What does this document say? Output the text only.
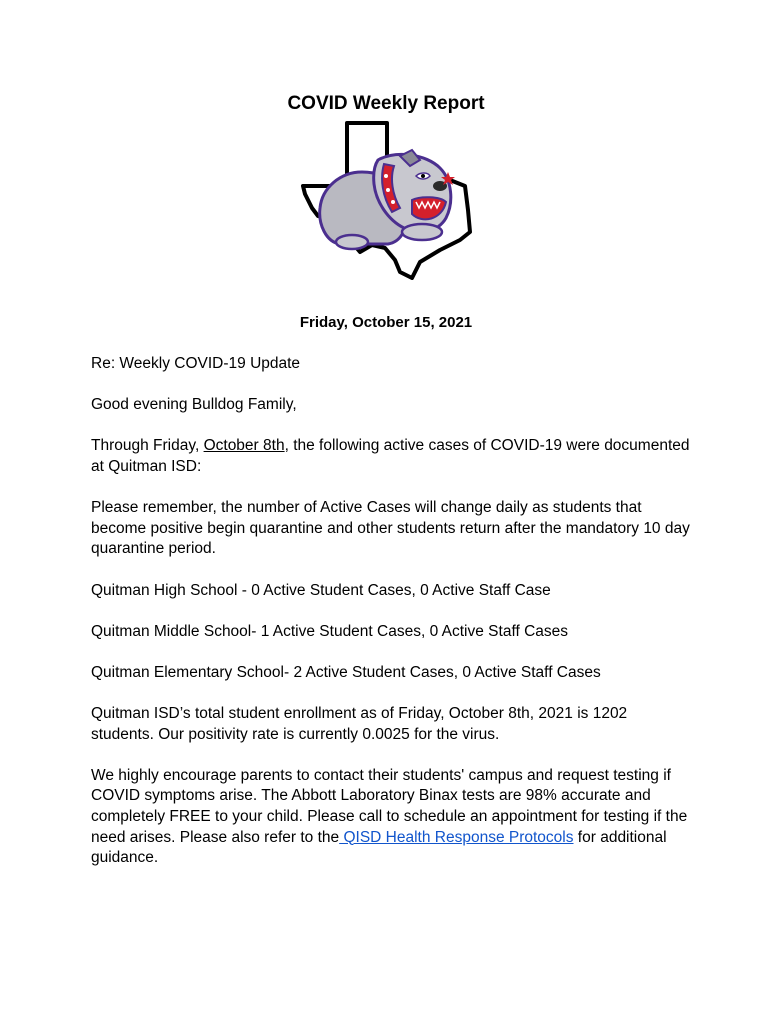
COVID Weekly Report

Friday, October 15, 2021

Re: Weekly COVID-19 Update

Good evening Bulldog Family,

Through Friday, October 8th, the following active cases of COVID-19 were documented at Quitman ISD:

Please remember, the number of Active Cases will change daily as students that become positive begin quarantine and other students return after the mandatory 10 day quarantine period.

Quitman High School - 0 Active Student Cases, 0 Active Staff Case

Quitman Middle School- 1 Active Student Cases, 0 Active Staff Cases

Quitman Elementary School- 2 Active Student Cases, 0 Active Staff Cases

Quitman ISD’s total student enrollment as of Friday, October 8th, 2021 is 1202 students. Our positivity rate is currently 0.0025 for the virus.

We highly encourage parents to contact their students' campus and request testing if COVID symptoms arise. The Abbott Laboratory Binax tests are 98% accurate and completely FREE to your child. Please call to schedule an appointment for testing if the need arises. Please also refer to the QISD Health Response Protocols for additional guidance.
